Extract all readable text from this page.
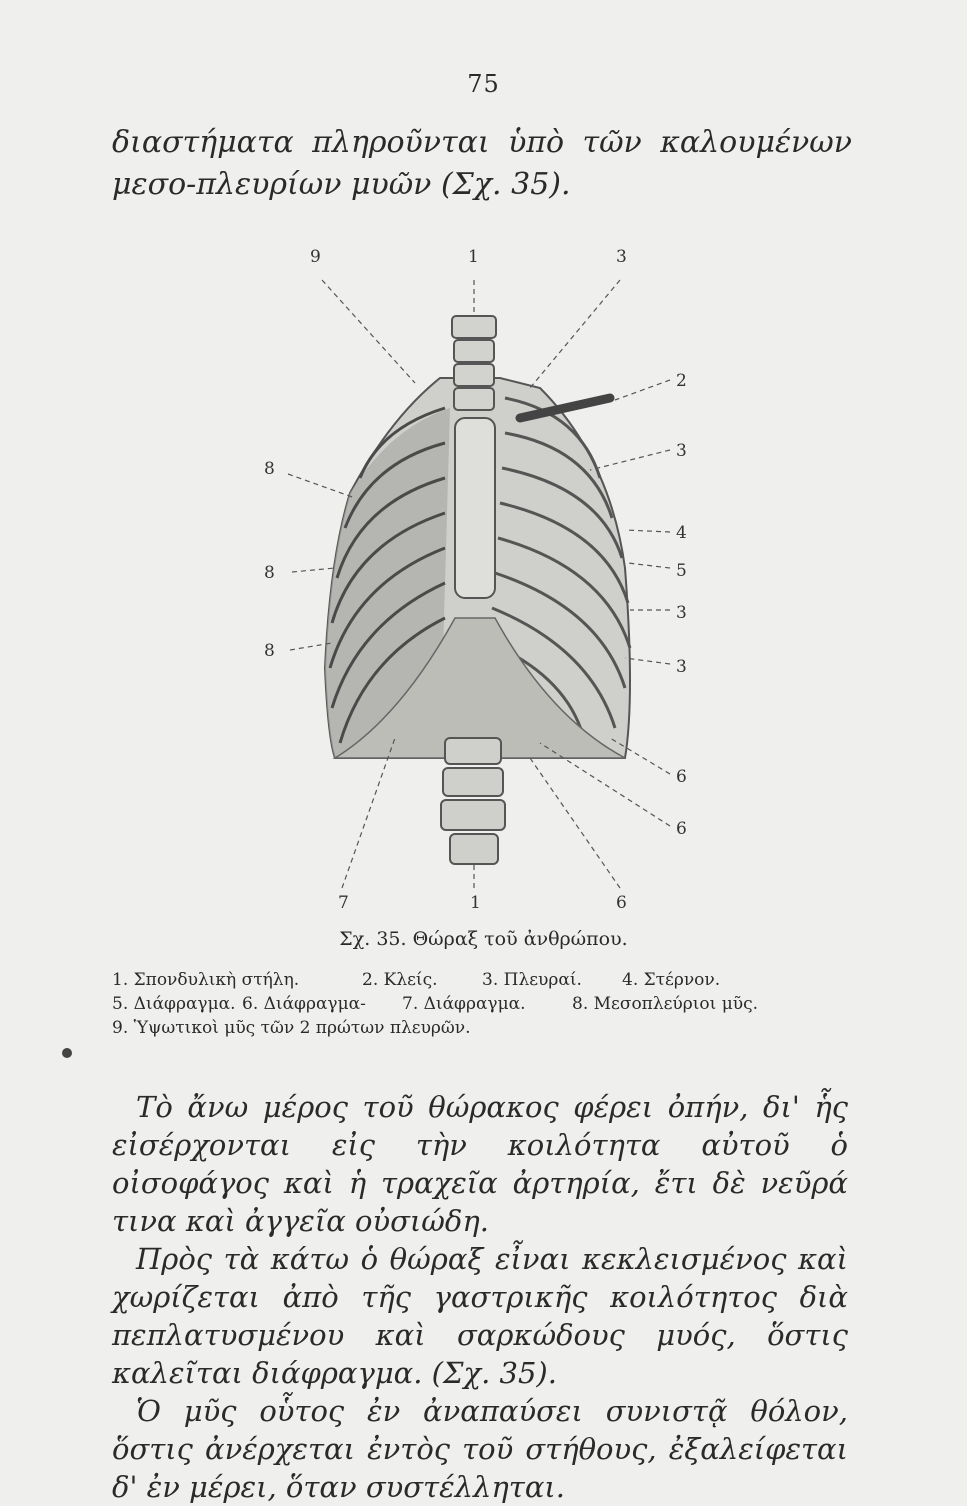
75

διαστήματα πληροῦνται ὑπὸ τῶν καλουμένων μεσο-πλευρίων μυῶν (Σχ. 35).

9	1	3
2
3
4
5
3
3
6
6
8
8
8
7	1	6
Σχ. 35. Θώραξ τοῦ ἀνθρώπου.
1. Σπονδυλικὴ στήλη.	2. Κλείς.	3. Πλευραί.	4. Στέρνον.
5. Διάφραγμα. 6. Διάφραγμα-	7. Διάφραγμα.	8. Μεσοπλεύριοι μῦς.
9. Ὑψωτικοὶ μῦς τῶν 2 πρώτων πλευρῶν.

Τὸ ἄνω μέρος τοῦ θώρακος φέρει ὀπήν, δι' ἧς εἰσέρχονται εἰς τὴν κοιλότητα αὐτοῦ ὁ οἰσοφάγος καὶ ἡ τραχεῖα ἀρτηρία, ἔτι δὲ νεῦρά τινα καὶ ἀγγεῖα οὐσιώδη.

Πρὸς τὰ κάτω ὁ θώραξ εἶναι κεκλεισμένος καὶ χωρίζεται ἀπὸ τῆς γαστρικῆς κοιλότητος διὰ πεπλατυσμένου καὶ σαρκώδους μυός, ὅστις καλεῖται διάφραγμα. (Σχ. 35).

Ὁ μῦς οὗτος ἐν ἀναπαύσει συνιστᾷ θόλον, ὅστις ἀνέρχεται ἐντὸς τοῦ στήθους, ἐξαλείφεται δ' ἐν μέρει, ὅταν συστέλληται.
